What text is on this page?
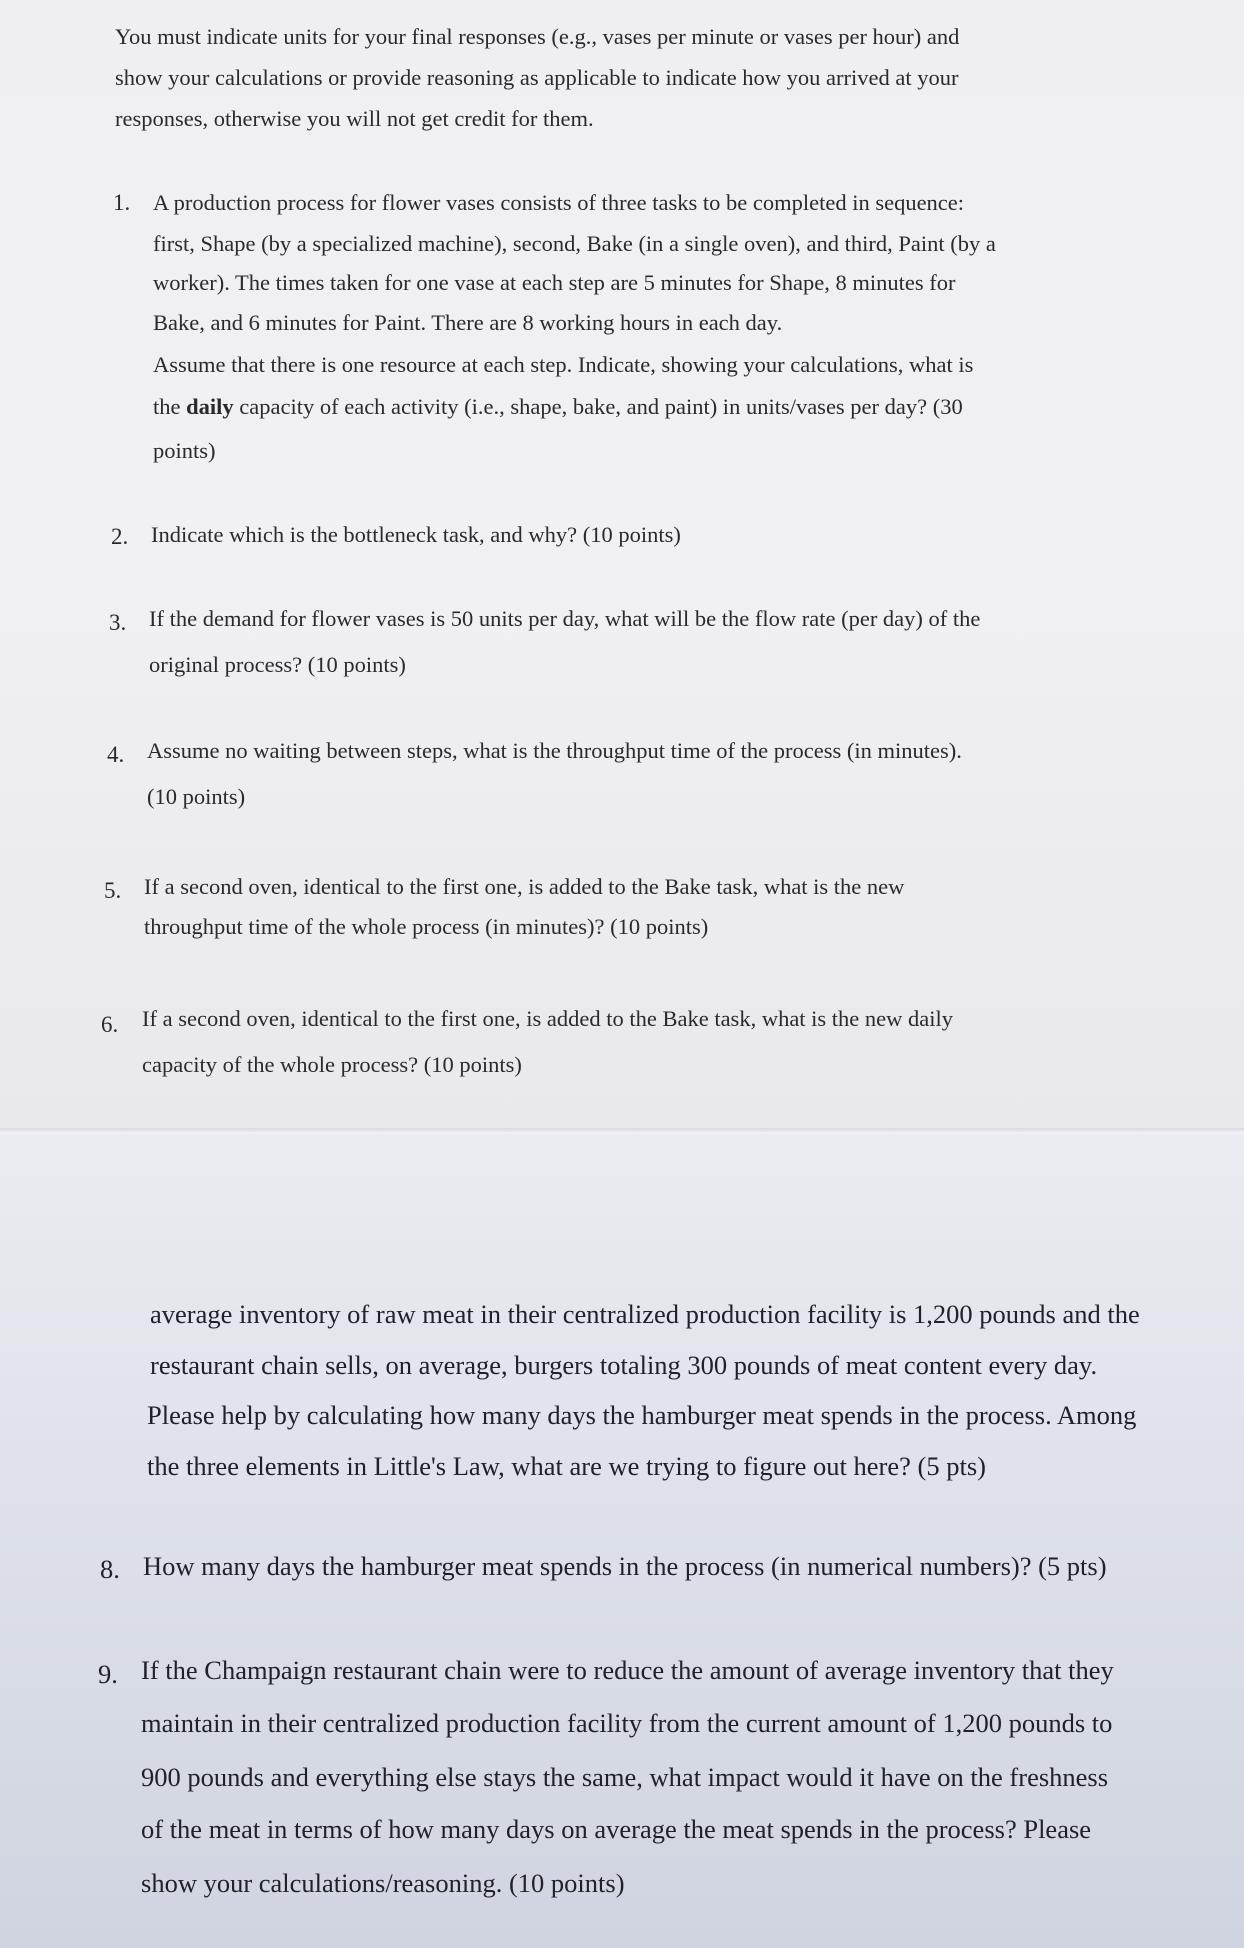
You must indicate units for your final responses (e.g., vases per minute or vases per hour) and
show your calculations or provide reasoning as applicable to indicate how you arrived at your
responses, otherwise you will not get credit for them.
1. A production process for flower vases consists of three tasks to be completed in sequence:
first, Shape (by a specialized machine), second, Bake (in a single oven), and third, Paint (by a
worker). The times taken for one vase at each step are 5 minutes for Shape, 8 minutes for
Bake, and 6 minutes for Paint. There are 8 working hours in each day.
Assume that there is one resource at each step. Indicate, showing your calculations, what is
the daily capacity of each activity (i.e., shape, bake, and paint) in units/vases per day? (30
points)
2. Indicate which is the bottleneck task, and why? (10 points)
3. If the demand for flower vases is 50 units per day, what will be the flow rate (per day) of the
original process? (10 points)
4. Assume no waiting between steps, what is the throughput time of the process (in minutes).
(10 points)
5. If a second oven, identical to the first one, is added to the Bake task, what is the new
throughput time of the whole process (in minutes)? (10 points)
6. If a second oven, identical to the first one, is added to the Bake task, what is the new daily
capacity of the whole process? (10 points)
average inventory of raw meat in their centralized production facility is 1,200 pounds and the
restaurant chain sells, on average, burgers totaling 300 pounds of meat content every day.
Please help by calculating how many days the hamburger meat spends in the process. Among
the three elements in Little's Law, what are we trying to figure out here? (5 pts)
8. How many days the hamburger meat spends in the process (in numerical numbers)? (5 pts)
9. If the Champaign restaurant chain were to reduce the amount of average inventory that they
maintain in their centralized production facility from the current amount of 1,200 pounds to
900 pounds and everything else stays the same, what impact would it have on the freshness
of the meat in terms of how many days on average the meat spends in the process? Please
show your calculations/reasoning. (10 points)
